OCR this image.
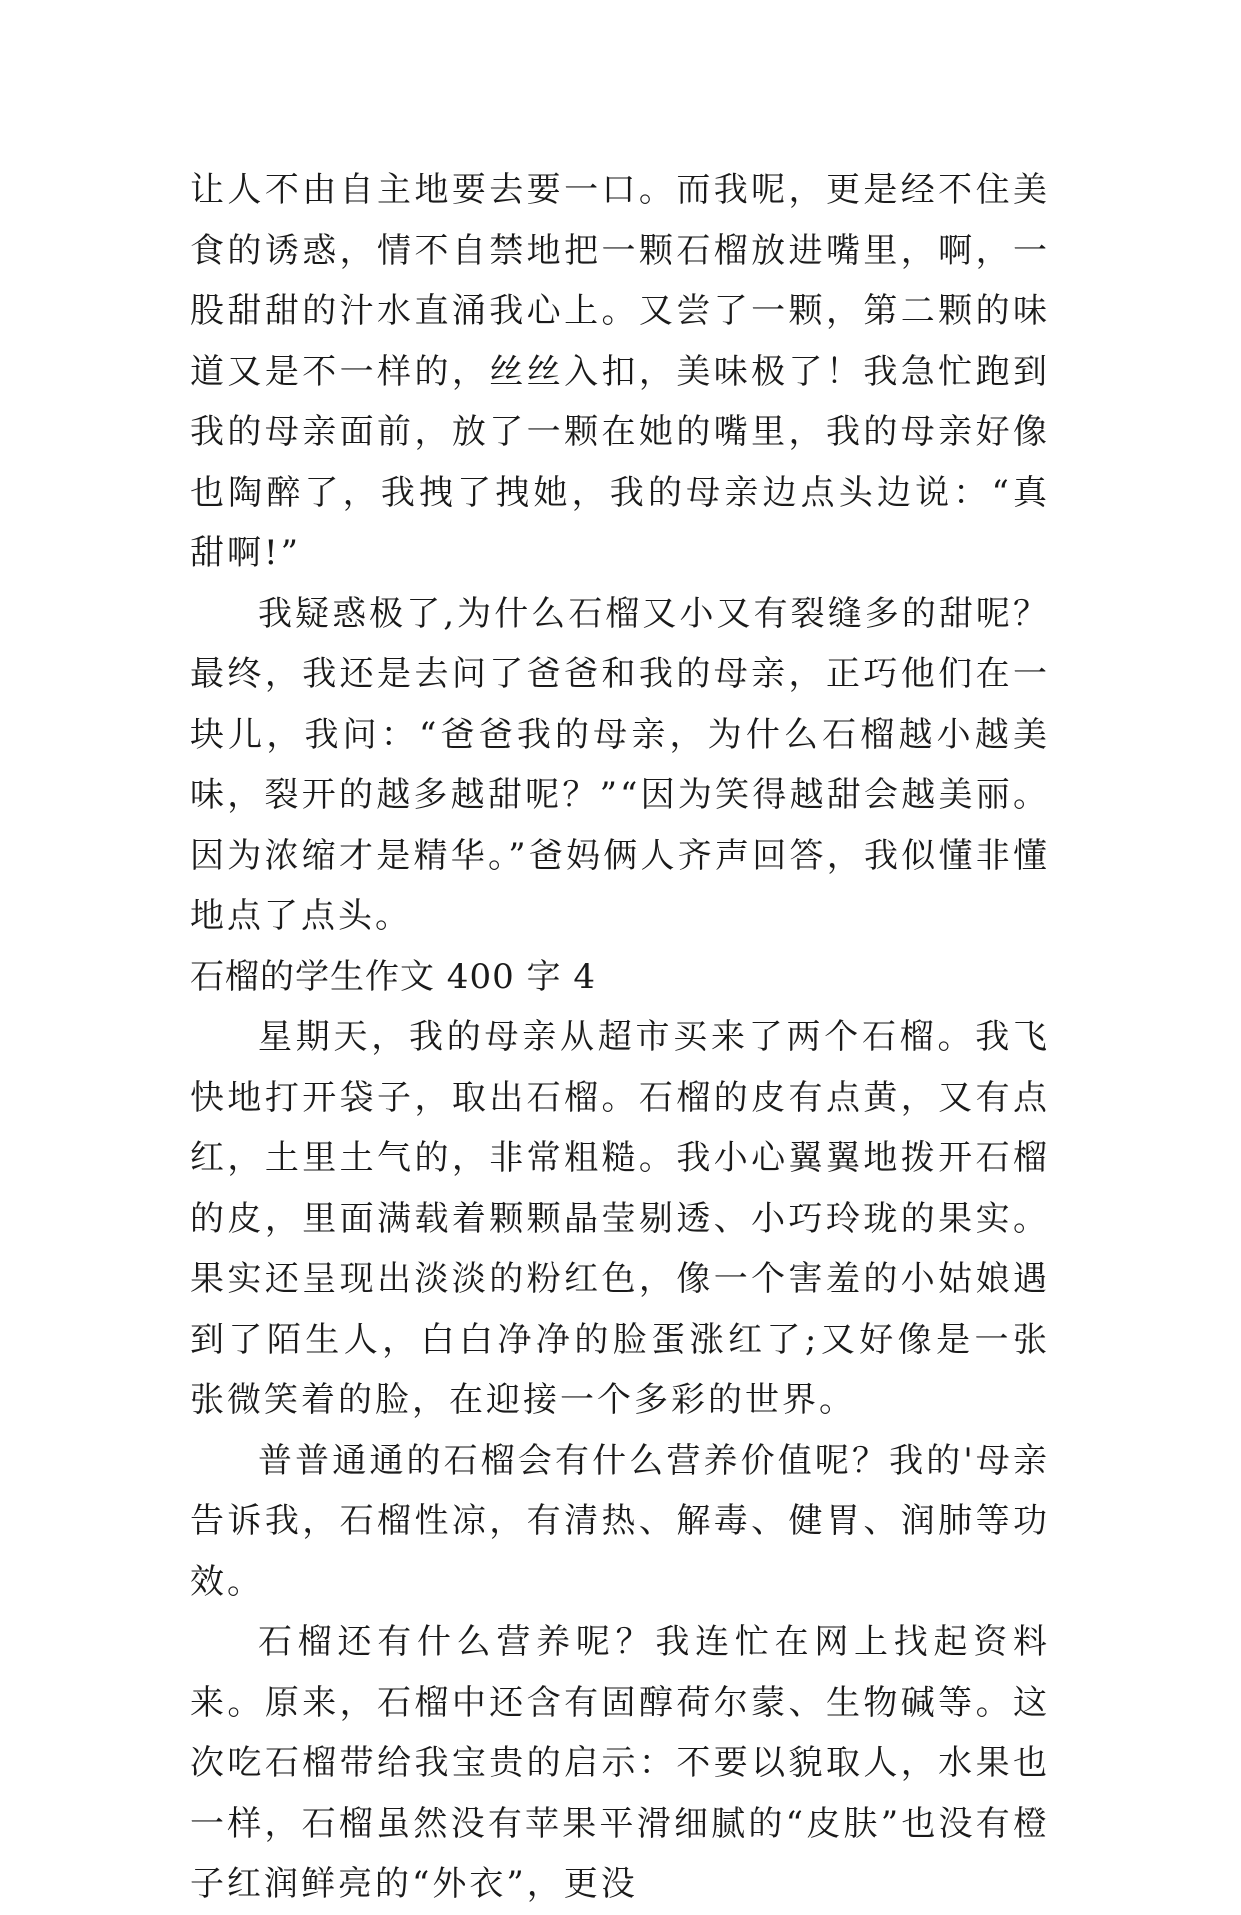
让人不由自主地要去要一口。而我呢，更是经不住美食的诱惑，情不自禁地把一颗石榴放进嘴里，啊，一股甜甜的汁水直涌我心上。又尝了一颗，第二颗的味道又是不一样的，丝丝入扣，美味极了！我急忙跑到我的母亲面前，放了一颗在她的嘴里，我的母亲好像也陶醉了，我拽了拽她，我的母亲边点头边说：“真甜啊!”

我疑惑极了,为什么石榴又小又有裂缝多的甜呢？最终，我还是去问了爸爸和我的母亲，正巧他们在一块儿，我问：“爸爸我的母亲，为什么石榴越小越美味，裂开的越多越甜呢？”“因为笑得越甜会越美丽。因为浓缩才是精华。”爸妈俩人齐声回答，我似懂非懂地点了点头。

石榴的学生作文 400 字 4

星期天，我的母亲从超市买来了两个石榴。我飞快地打开袋子，取出石榴。石榴的皮有点黄，又有点红，土里土气的，非常粗糙。我小心翼翼地拨开石榴的皮，里面满载着颗颗晶莹剔透、小巧玲珑的果实。果实还呈现出淡淡的粉红色，像一个害羞的小姑娘遇到了陌生人，白白净净的脸蛋涨红了;又好像是一张张微笑着的脸，在迎接一个多彩的世界。

普普通通的石榴会有什么营养价值呢？我的'母亲告诉我，石榴性凉，有清热、解毒、健胃、润肺等功效。

石榴还有什么营养呢？我连忙在网上找起资料来。原来，石榴中还含有固醇荷尔蒙、生物碱等。这次吃石榴带给我宝贵的启示：不要以貌取人，水果也一样，石榴虽然没有苹果平滑细腻的“皮肤”也没有橙子红润鲜亮的“外衣”，更没
